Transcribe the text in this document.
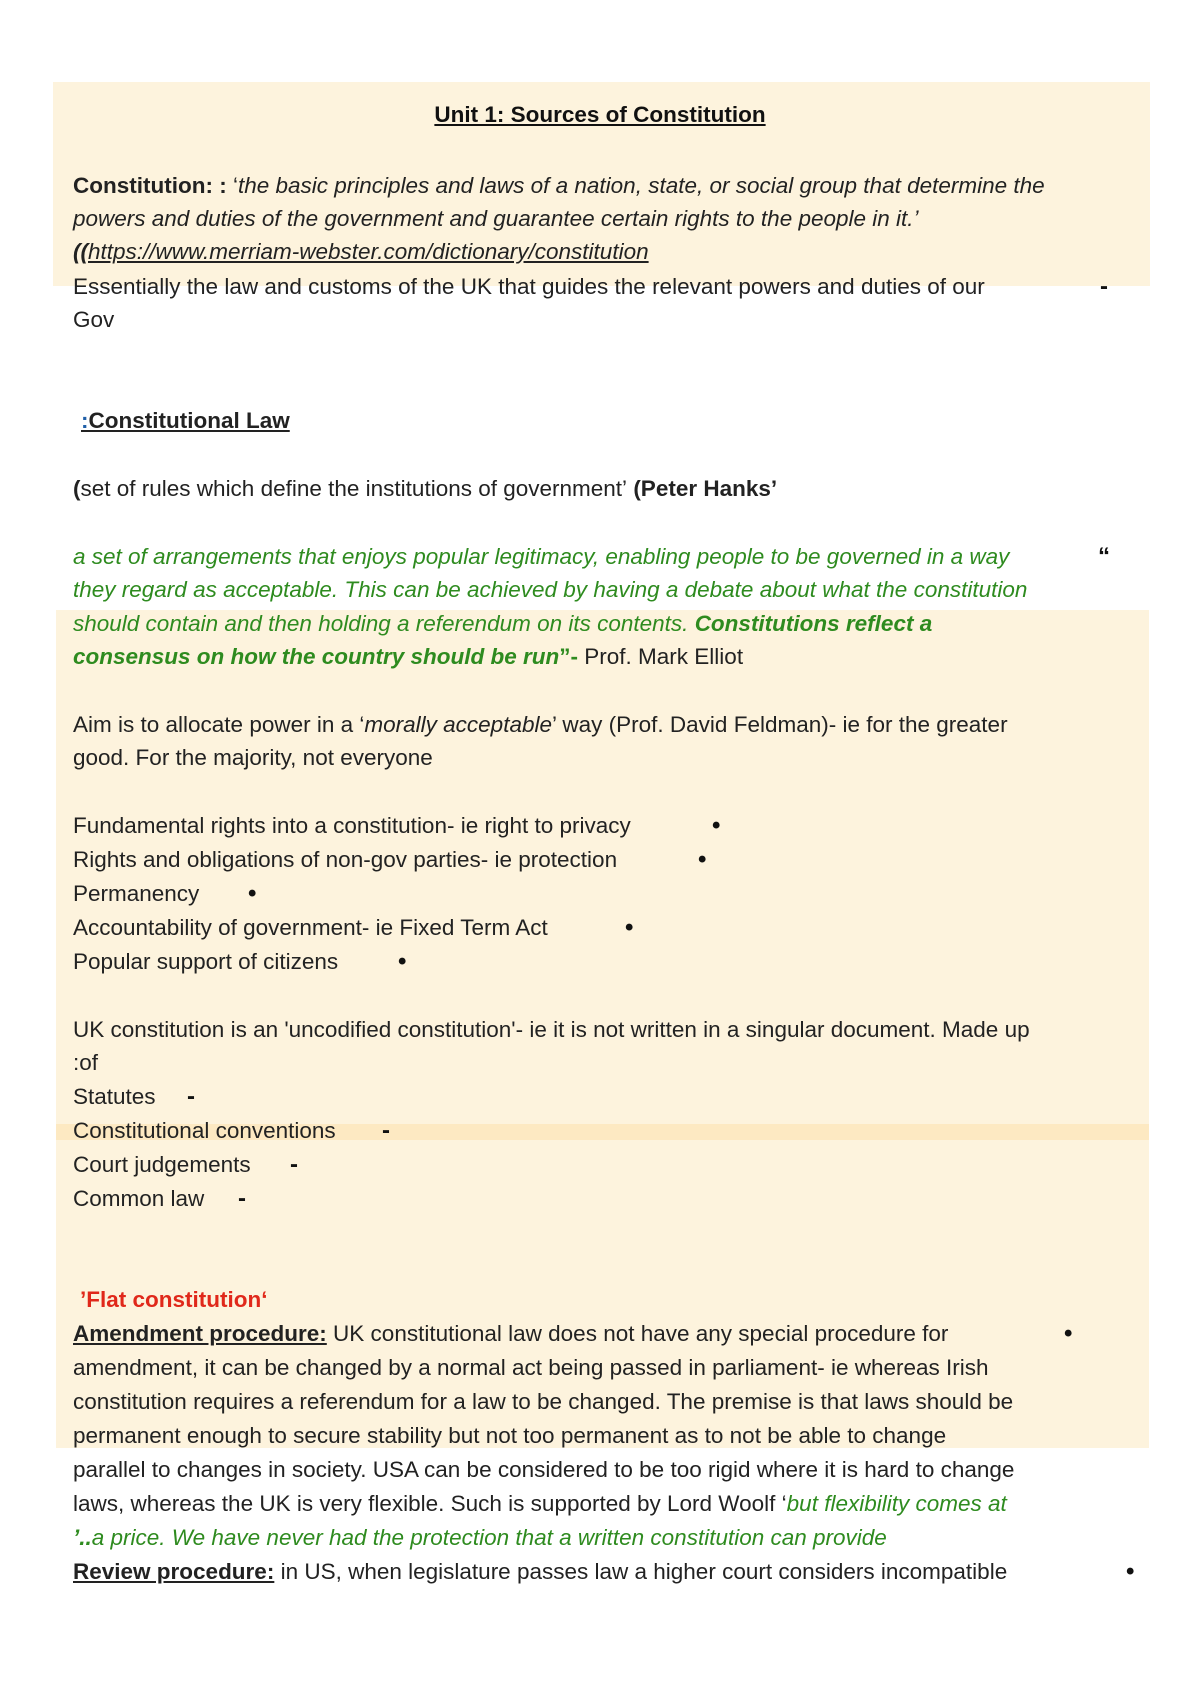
Unit 1: Sources of Constitution
Constitution: : ‘the basic principles and laws of a nation, state, or social group that determine the
powers and duties of the government and guarantee certain rights to the people in it.’
((https://www.merriam-webster.com/dictionary/constitution
Essentially the law and customs of the UK that guides the relevant powers and duties of our	-
Gov
:Constitutional Law
(set of rules which define the institutions of government’ (Peter Hanks’
a set of arrangements that enjoys popular legitimacy, enabling people to be governed in a way	“
they regard as acceptable. This can be achieved by having a debate about what the constitution
should contain and then holding a referendum on its contents. Constitutions reflect a
consensus on how the country should be run”- Prof. Mark Elliot
Aim is to allocate power in a ‘morally acceptable’ way (Prof. David Feldman)- ie for the greater
good. For the majority, not everyone
Fundamental rights into a constitution- ie right to privacy	•
Rights and obligations of non-gov parties- ie protection	•
Permanency •
Accountability of government- ie Fixed Term Act	•
Popular support of citizens •
UK constitution is an 'uncodified constitution'- ie it is not written in a singular document. Made up
:of
Statutes -
Constitutional conventions -
Court judgements -
Common law -
’Flat constitution‘
Amendment procedure: UK constitutional law does not have any special procedure for	•
amendment, it can be changed by a normal act being passed in parliament- ie whereas Irish
constitution requires a referendum for a law to be changed. The premise is that laws should be
permanent enough to secure stability but not too permanent as to not be able to change
parallel to changes in society. USA can be considered to be too rigid where it is hard to change
laws, whereas the UK is very flexible. Such is supported by Lord Woolf ‘but flexibility comes at
’..a price. We have never had the protection that a written constitution can provide
Review procedure: in US, when legislature passes law a higher court considers incompatible	•
